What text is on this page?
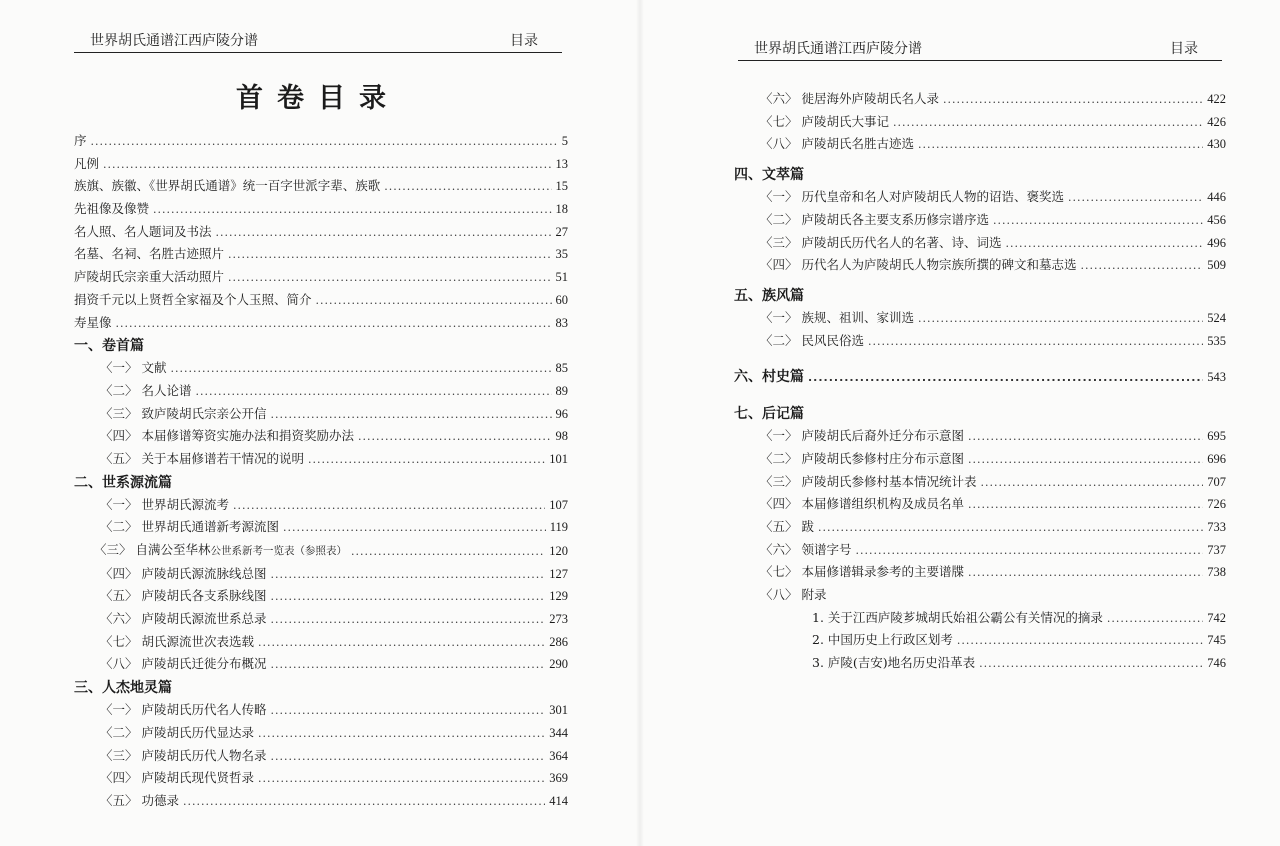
世界胡氏通谱江西庐陵分谱	目录
首卷目录
序 .....	5
凡例 .....	13
族旗、族徽、《世界胡氏通谱》统一百字世派字辈、族歌 .....	15
先祖像及像赞 .....	18
名人照、名人题词及书法 .....	27
名墓、名祠、名胜古迹照片 .....	35
庐陵胡氏宗亲重大活动照片 .....	51
捐资千元以上贤哲全家福及个人玉照、简介 .....	60
寿星像 .....	83
一、卷首篇
〈一〉 文献 .....	85
〈二〉 名人论谱 .....	89
〈三〉 致庐陵胡氏宗亲公开信 .....	96
〈四〉 本届修谱筹资实施办法和捐资奖励办法 .....	98
〈五〉 关于本届修谱若干情况的说明 .....	101
二、世系源流篇
〈一〉 世界胡氏源流考 .....	107
〈二〉 世界胡氏通谱新考源流图 .....	119
〈三〉 自满公至华林公世系新考一览表（参照表） .....	120
〈四〉 庐陵胡氏源流脉线总图 .....	127
〈五〉 庐陵胡氏各支系脉线图 .....	129
〈六〉 庐陵胡氏源流世系总录 .....	273
〈七〉 胡氏源流世次表选载 .....	286
〈八〉 庐陵胡氏迁徙分布概况 .....	290
三、人杰地灵篇
〈一〉 庐陵胡氏历代名人传略 .....	301
〈二〉 庐陵胡氏历代显达录 .....	344
〈三〉 庐陵胡氏历代人物名录 .....	364
〈四〉 庐陵胡氏现代贤哲录 .....	369
〈五〉 功德录 .....	414
世界胡氏通谱江西庐陵分谱	目录
〈六〉 徙居海外庐陵胡氏名人录 .....	422
〈七〉 庐陵胡氏大事记 .....	426
〈八〉 庐陵胡氏名胜古迹选 .....	430
四、文萃篇
〈一〉 历代皇帝和名人对庐陵胡氏人物的诏诰、褒奖选 .....	446
〈二〉 庐陵胡氏各主要支系历修宗谱序选 .....	456
〈三〉 庐陵胡氏历代名人的名著、诗、词选 .....	496
〈四〉 历代名人为庐陵胡氏人物宗族所撰的碑文和墓志选 .....	509
五、族风篇
〈一〉 族规、祖训、家训选 .....	524
〈二〉 民风民俗选 .....	535
六、村史篇 .....	543
七、后记篇
〈一〉 庐陵胡氏后裔外迁分布示意图 .....	695
〈二〉 庐陵胡氏参修村庄分布示意图 .....	696
〈三〉 庐陵胡氏参修村基本情况统计表 .....	707
〈四〉 本届修谱组织机构及成员名单 .....	726
〈五〉 跋 .....	733
〈六〉 领谱字号 .....	737
〈七〉 本届修谱辑录参考的主要谱牒 .....	738
〈八〉 附录
1. 关于江西庐陵芗城胡氏始祖公霸公有关情况的摘录 .....	742
2. 中国历史上行政区划考 .....	745
3. 庐陵(吉安)地名历史沿革表 .....	746
